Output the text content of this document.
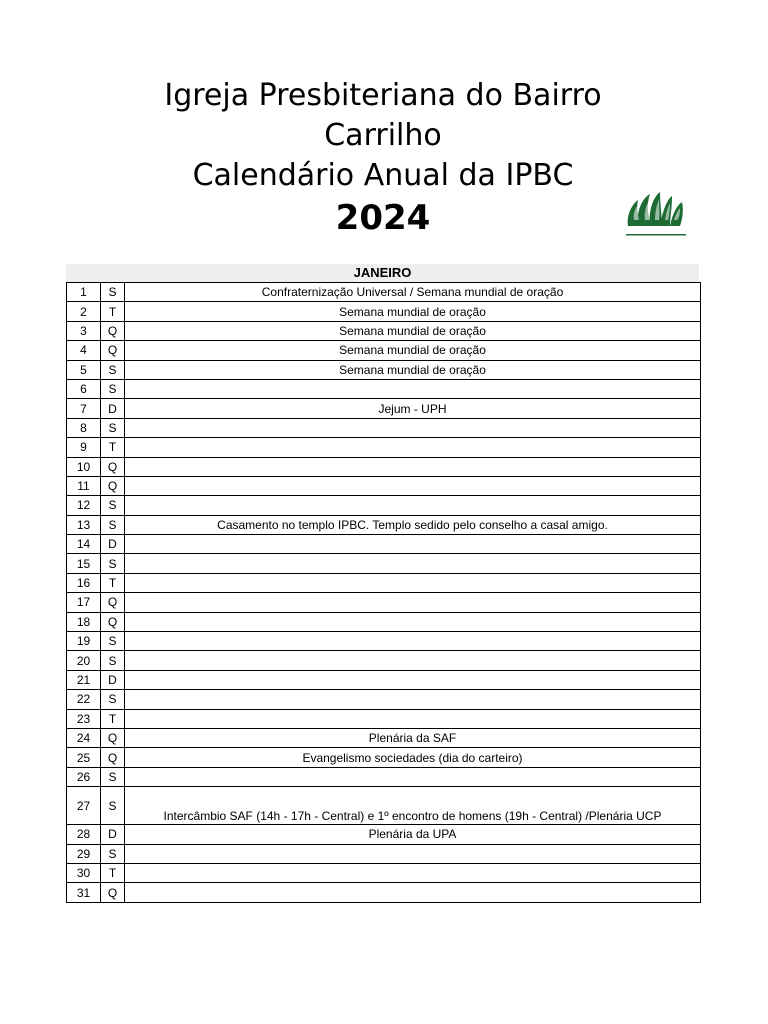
Igreja Presbiteriana do Bairro
Carrilho
Calendário Anual da IPBC
2024
JANEIRO
1	S	Confraternização Universal / Semana mundial de oração
2	T	Semana mundial de oração
3	Q	Semana mundial de oração
4	Q	Semana mundial de oração
5	S	Semana mundial de oração
6	S	
7	D	Jejum - UPH
8	S	
9	T	
10	Q	
11	Q	
12	S	
13	S	Casamento no templo IPBC. Templo sedido pelo conselho a casal amigo.
14	D	
15	S	
16	T	
17	Q	
18	Q	
19	S	
20	S	
21	D	
22	S	
23	T	
24	Q	Plenária da SAF
25	Q	Evangelismo sociedades (dia do carteiro)
26	S	
27	S	Intercâmbio SAF (14h - 17h - Central) e 1º encontro de homens (19h - Central) /Plenária UCP
28	D	Plenária da UPA
29	S	
30	T	
31	Q	
